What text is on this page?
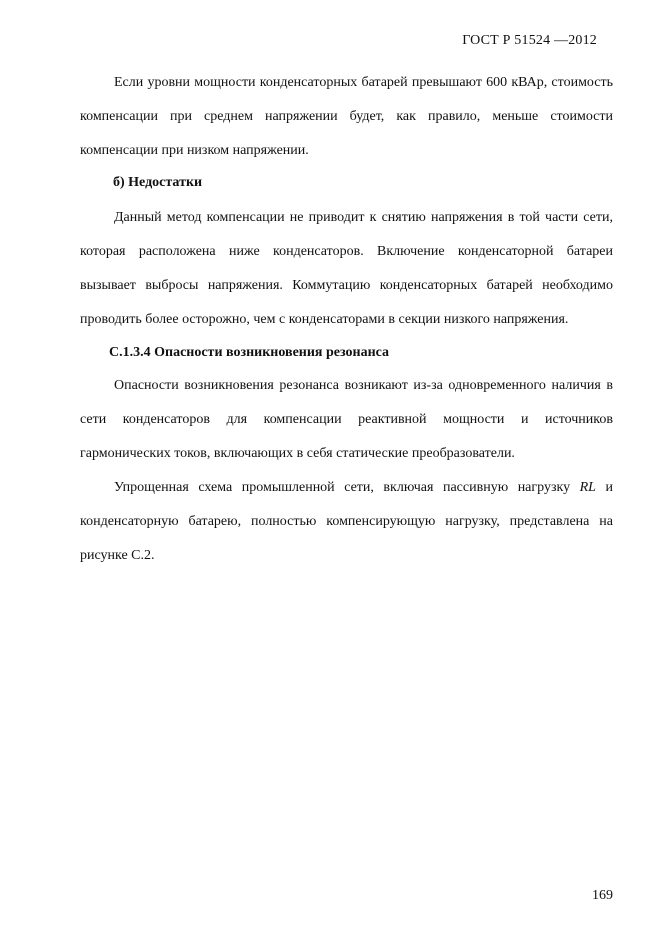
ГОСТ Р 51524 —2012

Если уровни мощности конденсаторных батарей превышают 600 кВАр, стоимость компенсации при среднем напряжении будет, как правило, меньше стоимости компенсации при низком напряжении.

б) Недостатки

Данный метод компенсации не приводит к снятию напряжения в той части сети, которая расположена ниже конденсаторов. Включение конденсаторной батареи вызывает выбросы напряжения. Коммутацию конденсаторных батарей необходимо проводить более осторожно, чем с конденсаторами в секции низкого напряжения.

С.1.3.4 Опасности возникновения резонанса

Опасности возникновения резонанса возникают из-за одновременного наличия в сети конденсаторов для компенсации реактивной мощности и источников гармонических токов, включающих в себя статические преобразователи.

Упрощенная схема промышленной сети, включая пассивную нагрузку RL и конденсаторную батарею, полностью компенсирующую нагрузку, представлена на рисунке С.2.

169
